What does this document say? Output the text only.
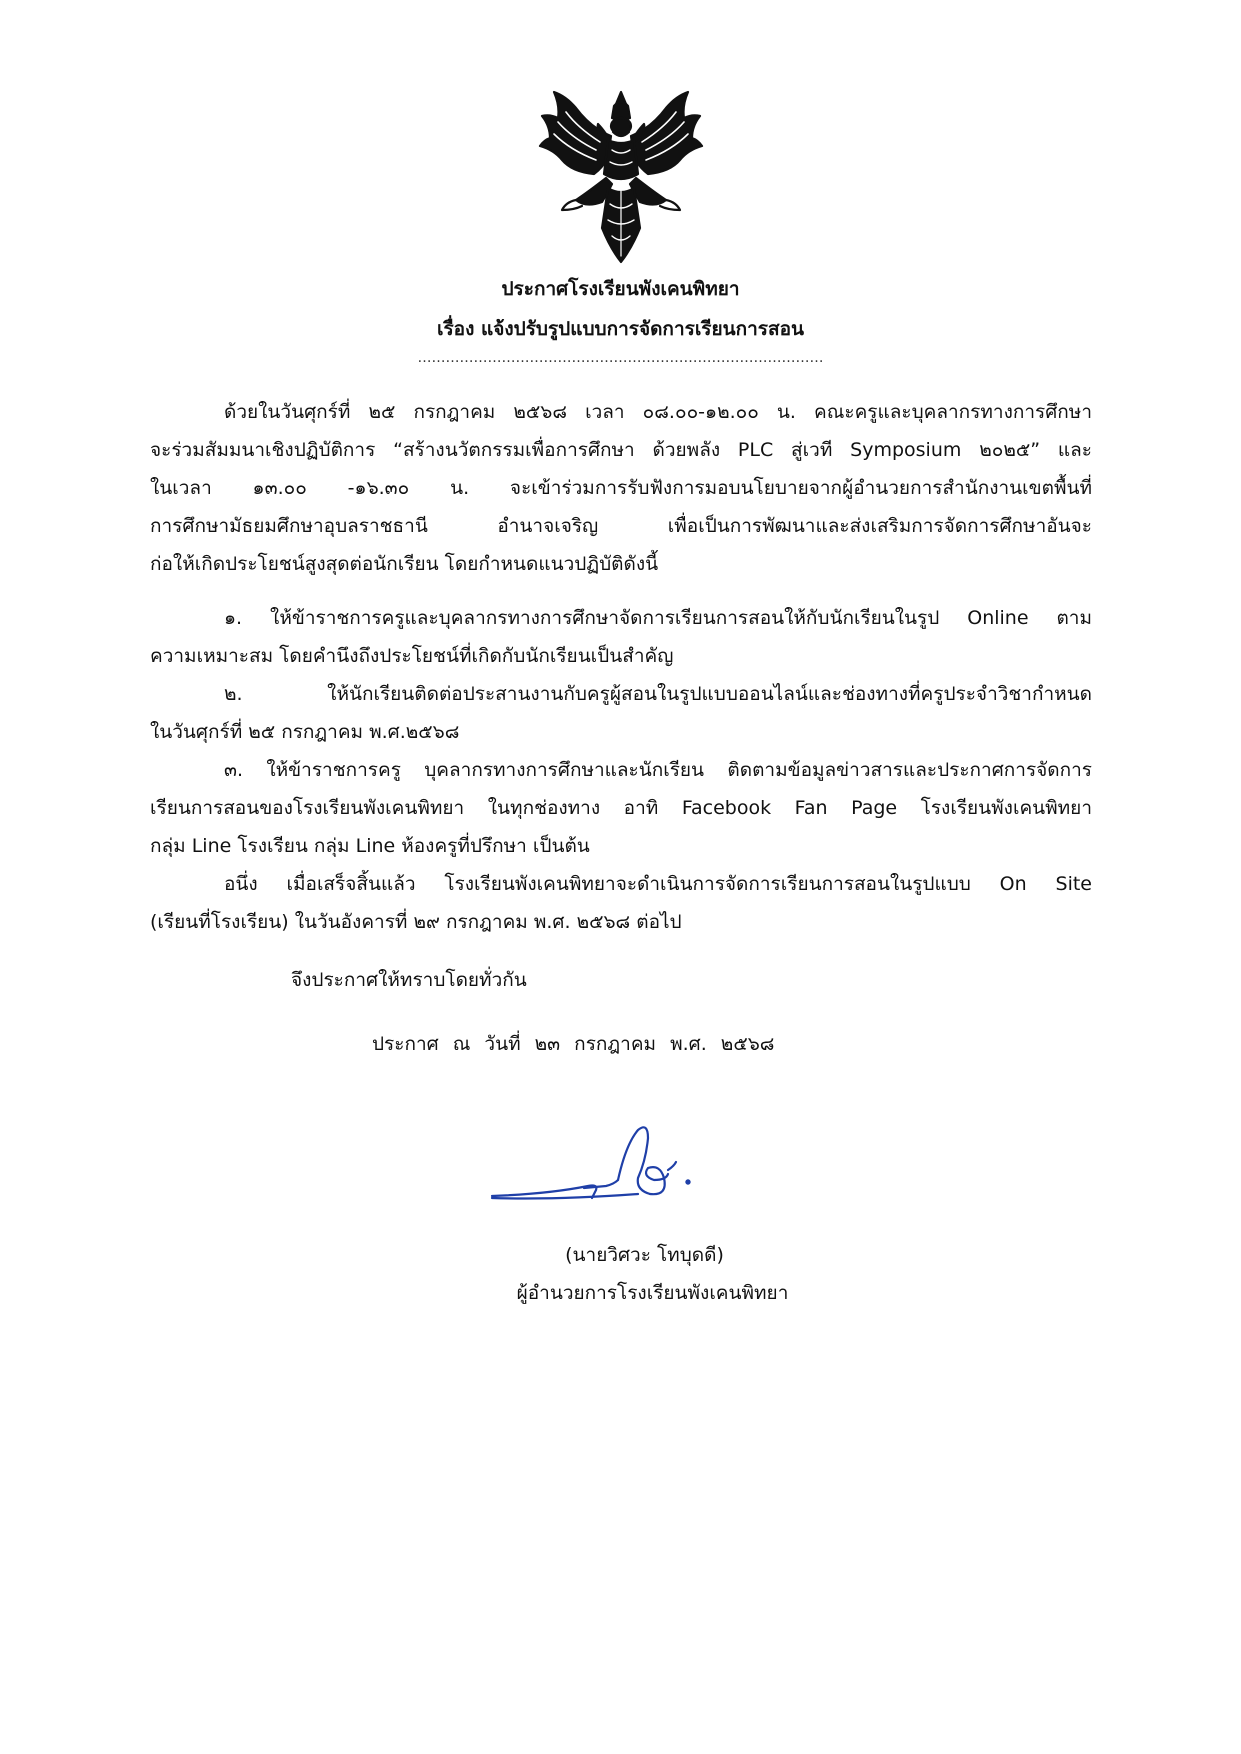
ประกาศโรงเรียนพังเคนพิทยา
เรื่อง แจ้งปรับรูปแบบการจัดการเรียนการสอน
……………………………………………………………………………
ด้วยในวันศุกร์ที่ ๒๕ กรกฎาคม ๒๕๖๘ เวลา ๐๘.๐๐-๑๒.๐๐ น. คณะครูและบุคลากรทางการศึกษา
จะร่วมสัมมนาเชิงปฏิบัติการ “สร้างนวัตกรรมเพื่อการศึกษา ด้วยพลัง PLC สู่เวที Symposium ๒๐๒๕” และ
ในเวลา ๑๓.๐๐ -๑๖.๓๐ น. จะเข้าร่วมการรับฟังการมอบนโยบายจากผู้อำนวยการสำนักงานเขตพื้นที่
การศึกษามัธยมศึกษาอุบลราชธานี อำนาจเจริญ เพื่อเป็นการพัฒนาและส่งเสริมการจัดการศึกษาอันจะ
ก่อให้เกิดประโยชน์สูงสุดต่อนักเรียน โดยกำหนดแนวปฏิบัติดังนี้
๑. ให้ข้าราชการครูและบุคลากรทางการศึกษาจัดการเรียนการสอนให้กับนักเรียนในรูป Online ตาม
ความเหมาะสม โดยคำนึงถึงประโยชน์ที่เกิดกับนักเรียนเป็นสำคัญ
๒. ให้นักเรียนติดต่อประสานงานกับครูผู้สอนในรูปแบบออนไลน์และช่องทางที่ครูประจำวิชากำหนด
ในวันศุกร์ที่ ๒๕ กรกฎาคม พ.ศ.๒๕๖๘
๓. ให้ข้าราชการครู บุคลากรทางการศึกษาและนักเรียน ติดตามข้อมูลข่าวสารและประกาศการจัดการ
เรียนการสอนของโรงเรียนพังเคนพิทยา ในทุกช่องทาง อาทิ Facebook Fan Page โรงเรียนพังเคนพิทยา
กลุ่ม Line โรงเรียน กลุ่ม Line ห้องครูที่ปรึกษา เป็นต้น
อนึ่ง เมื่อเสร็จสิ้นแล้ว โรงเรียนพังเคนพิทยาจะดำเนินการจัดการเรียนการสอนในรูปแบบ On Site
(เรียนที่โรงเรียน) ในวันอังคารที่ ๒๙ กรกฎาคม พ.ศ. ๒๕๖๘ ต่อไป
จึงประกาศให้ทราบโดยทั่วกัน
ประกาศ ณ วันที่ ๒๓ กรกฎาคม พ.ศ. ๒๕๖๘
(นายวิศวะ โทบุดดี)
ผู้อำนวยการโรงเรียนพังเคนพิทยา
